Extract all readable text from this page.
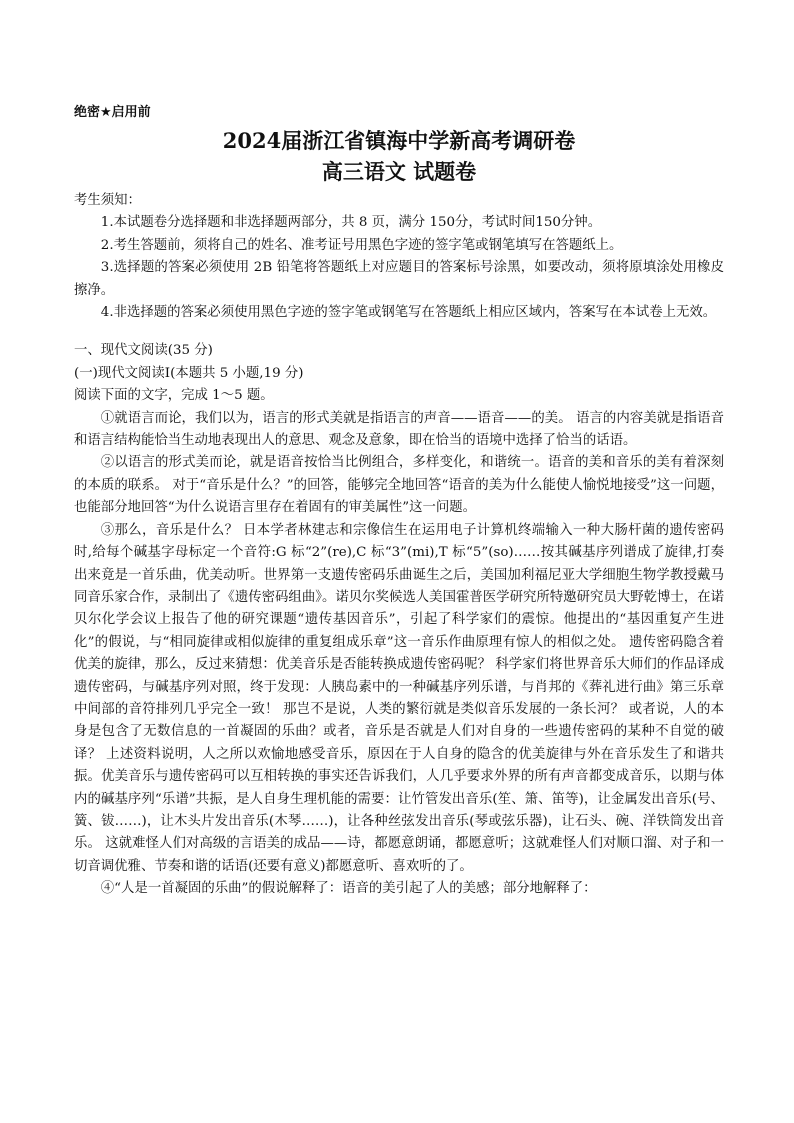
绝密★启用前
2024届浙江省镇海中学新高考调研卷
高三语文 试题卷

考生须知：

1.本试题卷分选择题和非选择题两部分，共 8 页，满分 150分，考试时间150分钟。

2.考生答题前，须将自己的姓名、准考证号用黑色字迹的签字笔或钢笔填写在答题纸上。

3.选择题的答案必须使用 2B 铅笔将答题纸上对应题目的答案标号涂黑，如要改动，须将原填涂处用橡皮擦净。

4.非选择题的答案必须使用黑色字迹的签字笔或钢笔写在答题纸上相应区域内，答案写在本试卷上无效。

一、现代文阅读(35 分)

(一)现代文阅读Ⅰ(本题共 5 小题,19 分)

阅读下面的文字，完成 1～5 题。

①就语言而论，我们以为，语言的形式美就是指语言的声音——语音——的美。 语言的内容美就是指语音和语言结构能恰当生动地表现出人的意思、观念及意象，即在恰当的语境中选择了恰当的话语。

②以语言的形式美而论，就是语音按恰当比例组合，多样变化，和谐统一。语音的美和音乐的美有着深刻的本质的联系。 对于“音乐是什么？”的回答，能够完全地回答“语音的美为什么能使人愉悦地接受”这一问题，也能部分地回答“为什么说语言里存在着固有的审美属性”这一问题。

③那么，音乐是什么？ 日本学者林建志和宗像信生在运用电子计算机终端输入一种大肠杆菌的遗传密码时,给每个碱基字母标定一个音符:G 标“2”(re),C 标“3”(mi),T 标“5”(so)……按其碱基序列谱成了旋律,打奏出来竟是一首乐曲，优美动听。世界第一支遗传密码乐曲诞生之后，美国加利福尼亚大学细胞生物学教授戴马同音乐家合作，录制出了《遗传密码组曲》。诺贝尔奖候选人美国霍普医学研究所特邀研究员大野乾博士，在诺贝尔化学会议上报告了他的研究课题“遗传基因音乐”，引起了科学家们的震惊。他提出的“基因重复产生进化”的假说，与“相同旋律或相似旋律的重复组成乐章”这一音乐作曲原理有惊人的相似之处。 遗传密码隐含着优美的旋律，那么，反过来猜想：优美音乐是否能转换成遗传密码呢？ 科学家们将世界音乐大师们的作品译成遗传密码，与碱基序列对照，终于发现：人胰岛素中的一种碱基序列乐谱，与肖邦的《葬礼进行曲》第三乐章中间部的音符排列几乎完全一致！ 那岂不是说，人类的繁衍就是类似音乐发展的一条长河？ 或者说，人的本身是包含了无数信息的一首凝固的乐曲？或者，音乐是否就是人们对自身的一些遗传密码的某种不自觉的破译？ 上述资料说明，人之所以欢愉地感受音乐，原因在于人自身的隐含的优美旋律与外在音乐发生了和谐共振。优美音乐与遗传密码可以互相转换的事实还告诉我们，人几乎要求外界的所有声音都变成音乐，以期与体内的碱基序列“乐谱”共振，是人自身生理机能的需要：让竹管发出音乐(笙、箫、笛等)，让金属发出音乐(号、簧、钹……)，让木头片发出音乐(木琴……)，让各种丝弦发出音乐(琴或弦乐器)，让石头、碗、洋铁筒发出音乐。 这就难怪人们对高级的言语美的成品——诗，都愿意朗诵，都愿意听；这就难怪人们对顺口溜、对子和一切音调优雅、节奏和谐的话语(还要有意义)都愿意听、喜欢听的了。

④“人是一首凝固的乐曲”的假说解释了：语音的美引起了人的美感；部分地解释了：
